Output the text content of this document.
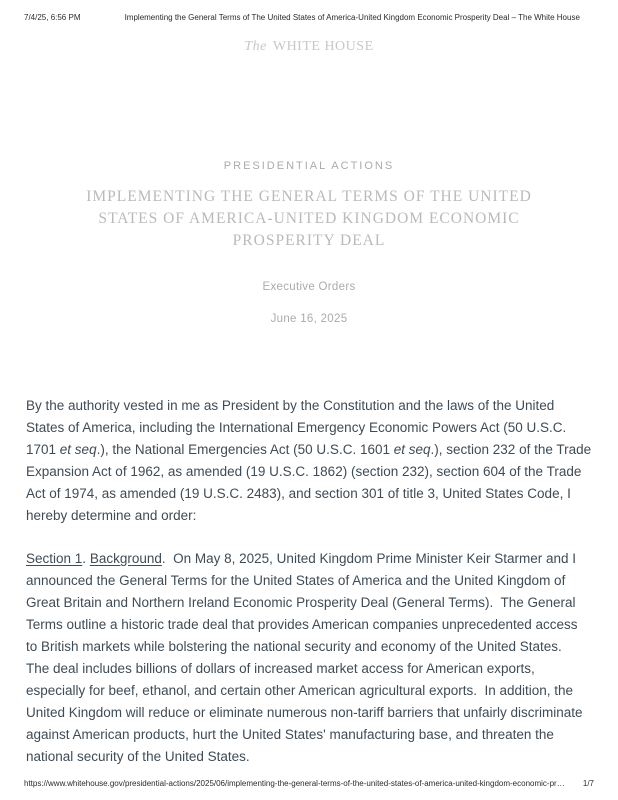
7/4/25, 6:56 PM	Implementing the General Terms of The United States of America-United Kingdom Economic Prosperity Deal – The White House
The WHITE HOUSE
PRESIDENTIAL ACTIONS
IMPLEMENTING THE GENERAL TERMS OF THE UNITED STATES OF AMERICA-UNITED KINGDOM ECONOMIC PROSPERITY DEAL
Executive Orders
June 16, 2025

By the authority vested in me as President by the Constitution and the laws of the United States of America, including the International Emergency Economic Powers Act (50 U.S.C. 1701 et seq.), the National Emergencies Act (50 U.S.C. 1601 et seq.), section 232 of the Trade Expansion Act of 1962, as amended (19 U.S.C. 1862) (section 232), section 604 of the Trade Act of 1974, as amended (19 U.S.C. 2483), and section 301 of title 3, United States Code, I hereby determine and order:

Section 1. Background.  On May 8, 2025, United Kingdom Prime Minister Keir Starmer and I announced the General Terms for the United States of America and the United Kingdom of Great Britain and Northern Ireland Economic Prosperity Deal (General Terms).  The General Terms outline a historic trade deal that provides American companies unprecedented access to British markets while bolstering the national security and economy of the United States.  The deal includes billions of dollars of increased market access for American exports, especially for beef, ethanol, and certain other American agricultural exports.  In addition, the United Kingdom will reduce or eliminate numerous non-tariff barriers that unfairly discriminate against American products, hurt the United States' manufacturing base, and threaten the national security of the United States.

https://www.whitehouse.gov/presidential-actions/2025/06/implementing-the-general-terms-of-the-united-states-of-america-united-kingdom-economic-pr…	1/7
